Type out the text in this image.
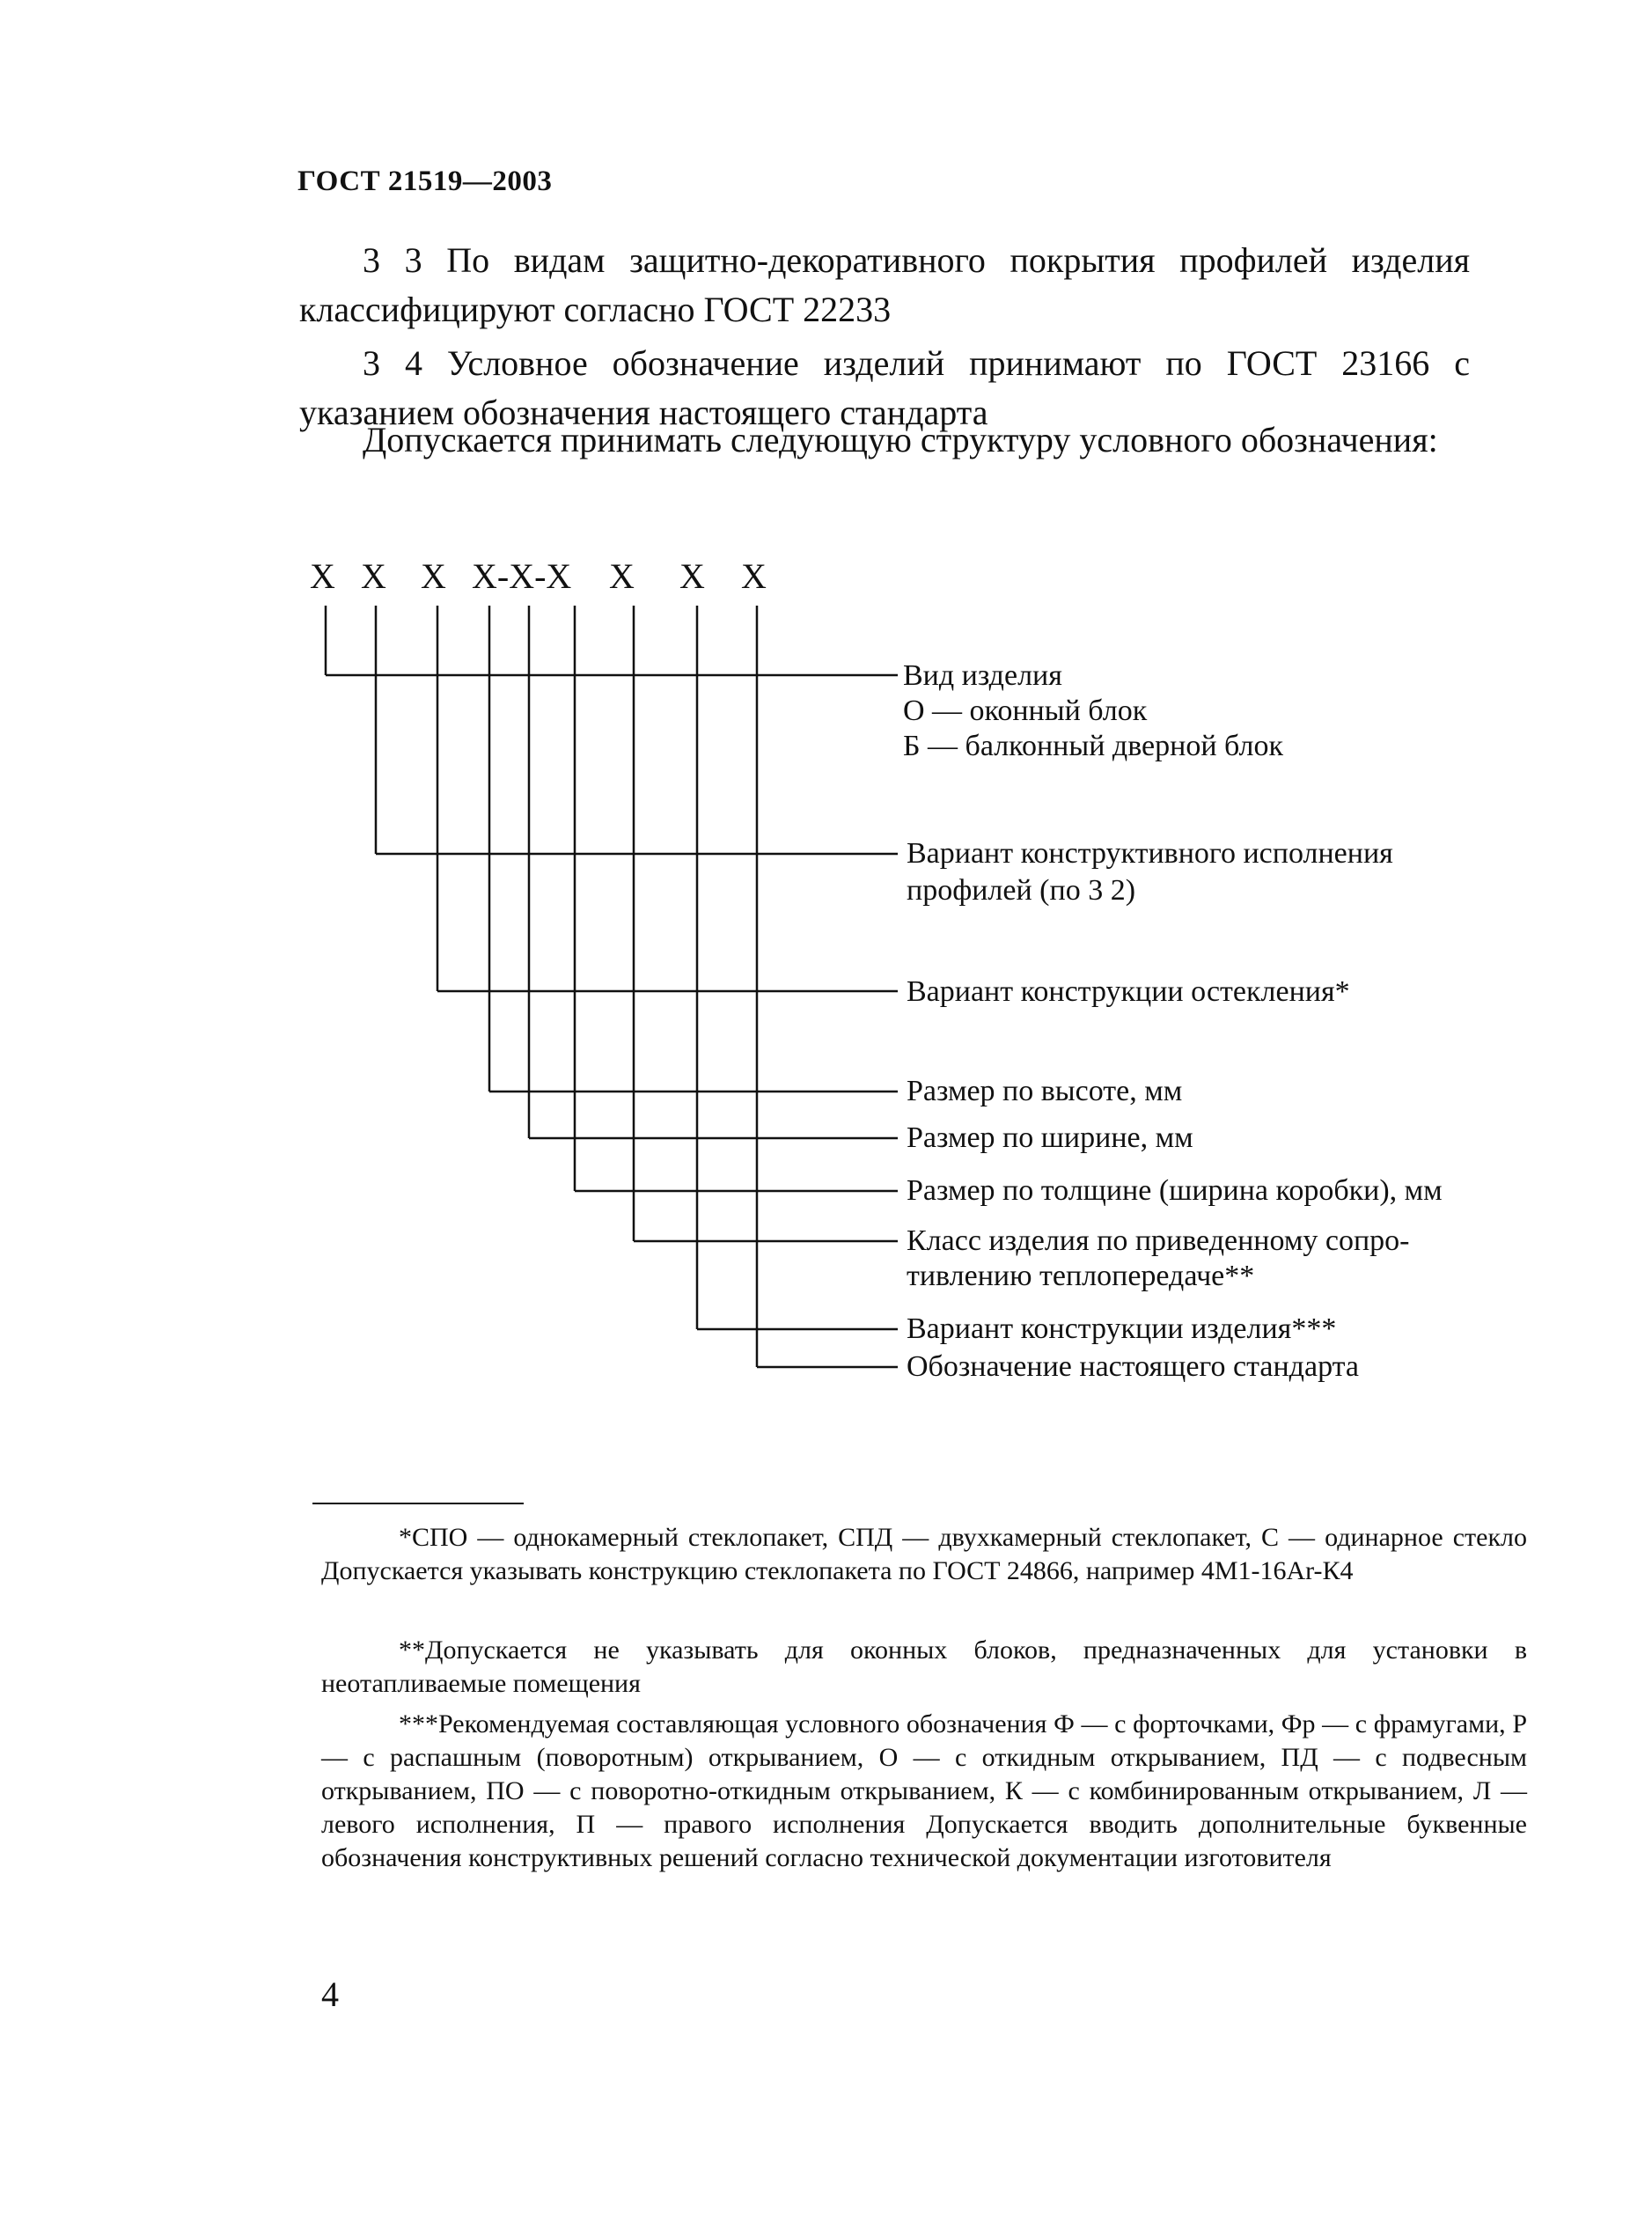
ГОСТ 21519—2003
3 3 По видам защитно-декоративного покрытия профилей изделия классифицируют согласно ГОСТ 22233
3 4 Условное обозначение изделий принимают по ГОСТ 23166 с указанием обозначения настоящего стандарта
Допускается принимать следующую структуру условного обозначения:
Х Х Х Х-Х-Х Х Х Х
Вид изделия
О — оконный блок
Б — балконный дверной блок
Вариант конструктивного исполнения
профилей (по 3 2)
Вариант конструкции остекления*
Размер по высоте, мм
Размер по ширине, мм
Размер по толщине (ширина коробки), мм
Класс изделия по приведенному сопро-
тивлению теплопередаче**
Вариант конструкции изделия***
Обозначение настоящего стандарта
*СПО — однокамерный стеклопакет, СПД — двухкамерный стеклопакет, С — одинарное стекло Допускается указывать конструкцию стеклопакета по ГОСТ 24866, например 4М1-16Ar-К4
**Допускается не указывать для оконных блоков, предназначенных для установки в неотапливаемые помещения
***Рекомендуемая составляющая условного обозначения Ф — с форточками, Фр — с фрамугами, Р — с распашным (поворотным) открыванием, О — с откидным открыванием, ПД — с подвесным открыванием, ПО — с поворотно-откидным открыванием, К — с комбинированным открыванием, Л — левого исполнения, П — правого исполнения Допускается вводить дополнительные буквенные обозначения конструктивных решений согласно технической документации изготовителя
4
